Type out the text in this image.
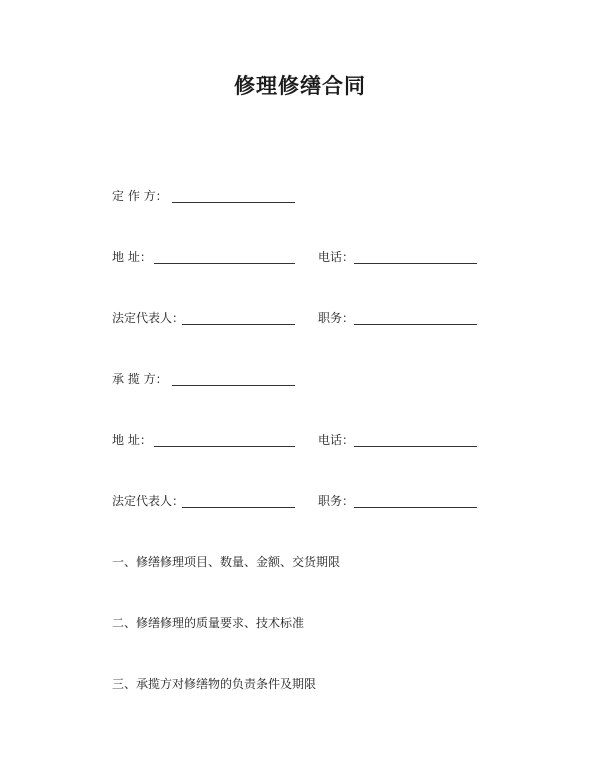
修理修缮合同
定 作 方：
地 址：	电话：
法定代表人：	职务：
承 揽 方：
地 址：	电话：
法定代表人：	职务：
一、修缮修理项目、数量、金额、交货期限
二、修缮修理的质量要求、技术标准
三、承揽方对修缮物的负责条件及期限
